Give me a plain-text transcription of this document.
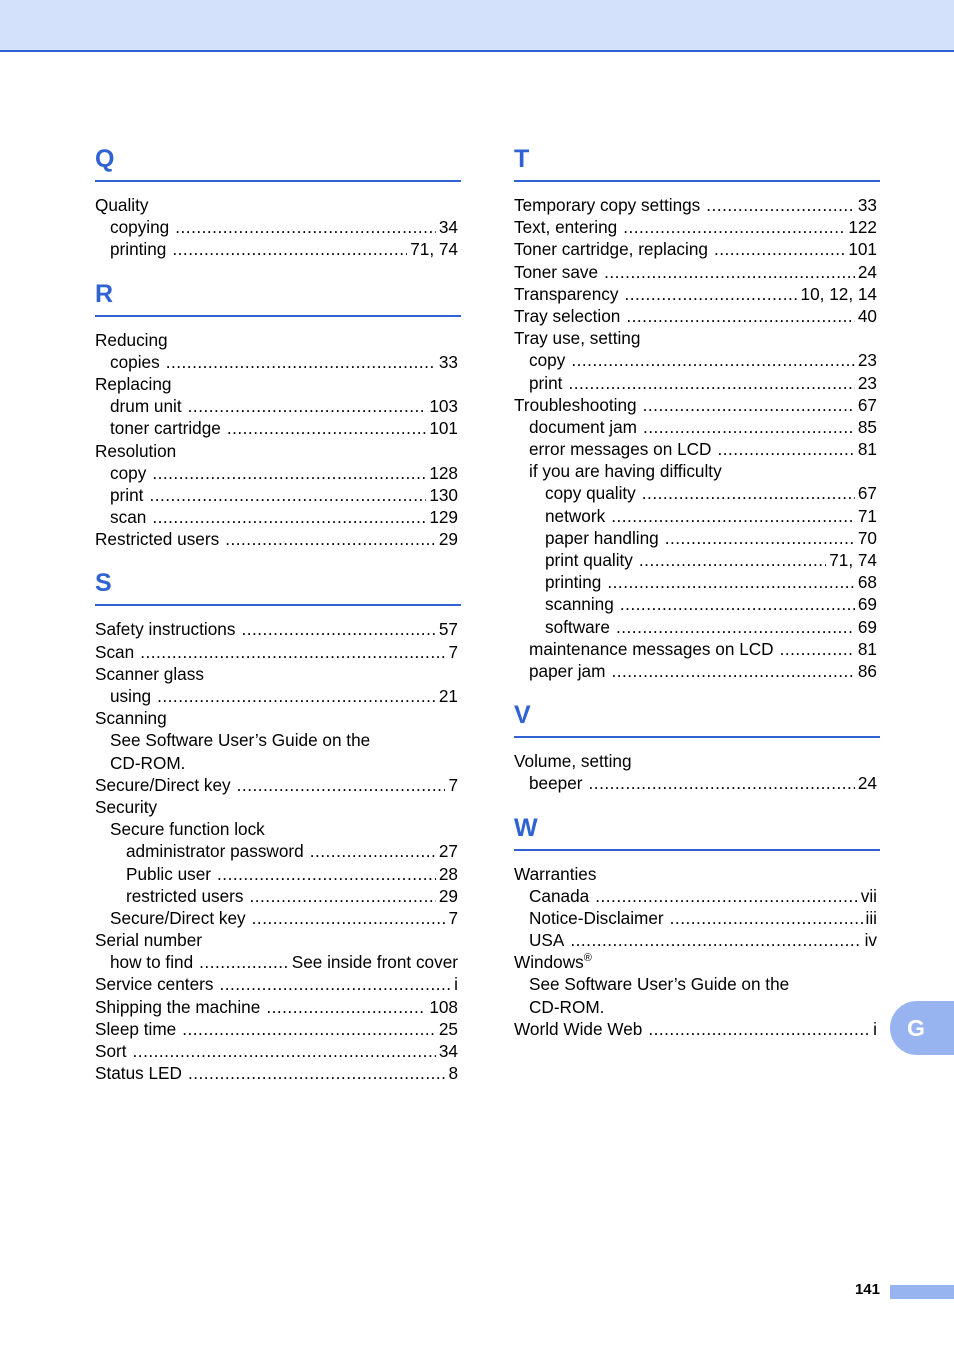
Q
Quality
copying .....	34
printing .....	71, 74
R
Reducing
copies .....	33
Replacing
drum unit .....	103
toner cartridge .....	101
Resolution
copy .....	128
print .....	130
scan .....	129
Restricted users .....	29
S
Safety instructions .....	57
Scan .....	7
Scanner glass
using .....	21
Scanning
See Software User’s Guide on the
CD-ROM.
Secure/Direct key .....	7
Security
Secure function lock
administrator password .....	27
Public user .....	28
restricted users .....	29
Secure/Direct key .....	7
Serial number
how to find .....	See inside front cover
Service centers .....	i
Shipping the machine .....	108
Sleep time .....	25
Sort .....	34
Status LED .....	8
T
Temporary copy settings .....	33
Text, entering .....	122
Toner cartridge, replacing .....	101
Toner save .....	24
Transparency .....	10, 12, 14
Tray selection .....	40
Tray use, setting
copy .....	23
print .....	23
Troubleshooting .....	67
document jam .....	85
error messages on LCD .....	81
if you are having difficulty
copy quality .....	67
network .....	71
paper handling .....	70
print quality .....	71, 74
printing .....	68
scanning .....	69
software .....	69
maintenance messages on LCD .....	81
paper jam .....	86
V
Volume, setting
beeper .....	24
W
Warranties
Canada .....	vii
Notice-Disclaimer .....	iii
USA .....	iv
Windows®
See Software User’s Guide on the
CD-ROM.
World Wide Web .....	i G
141
